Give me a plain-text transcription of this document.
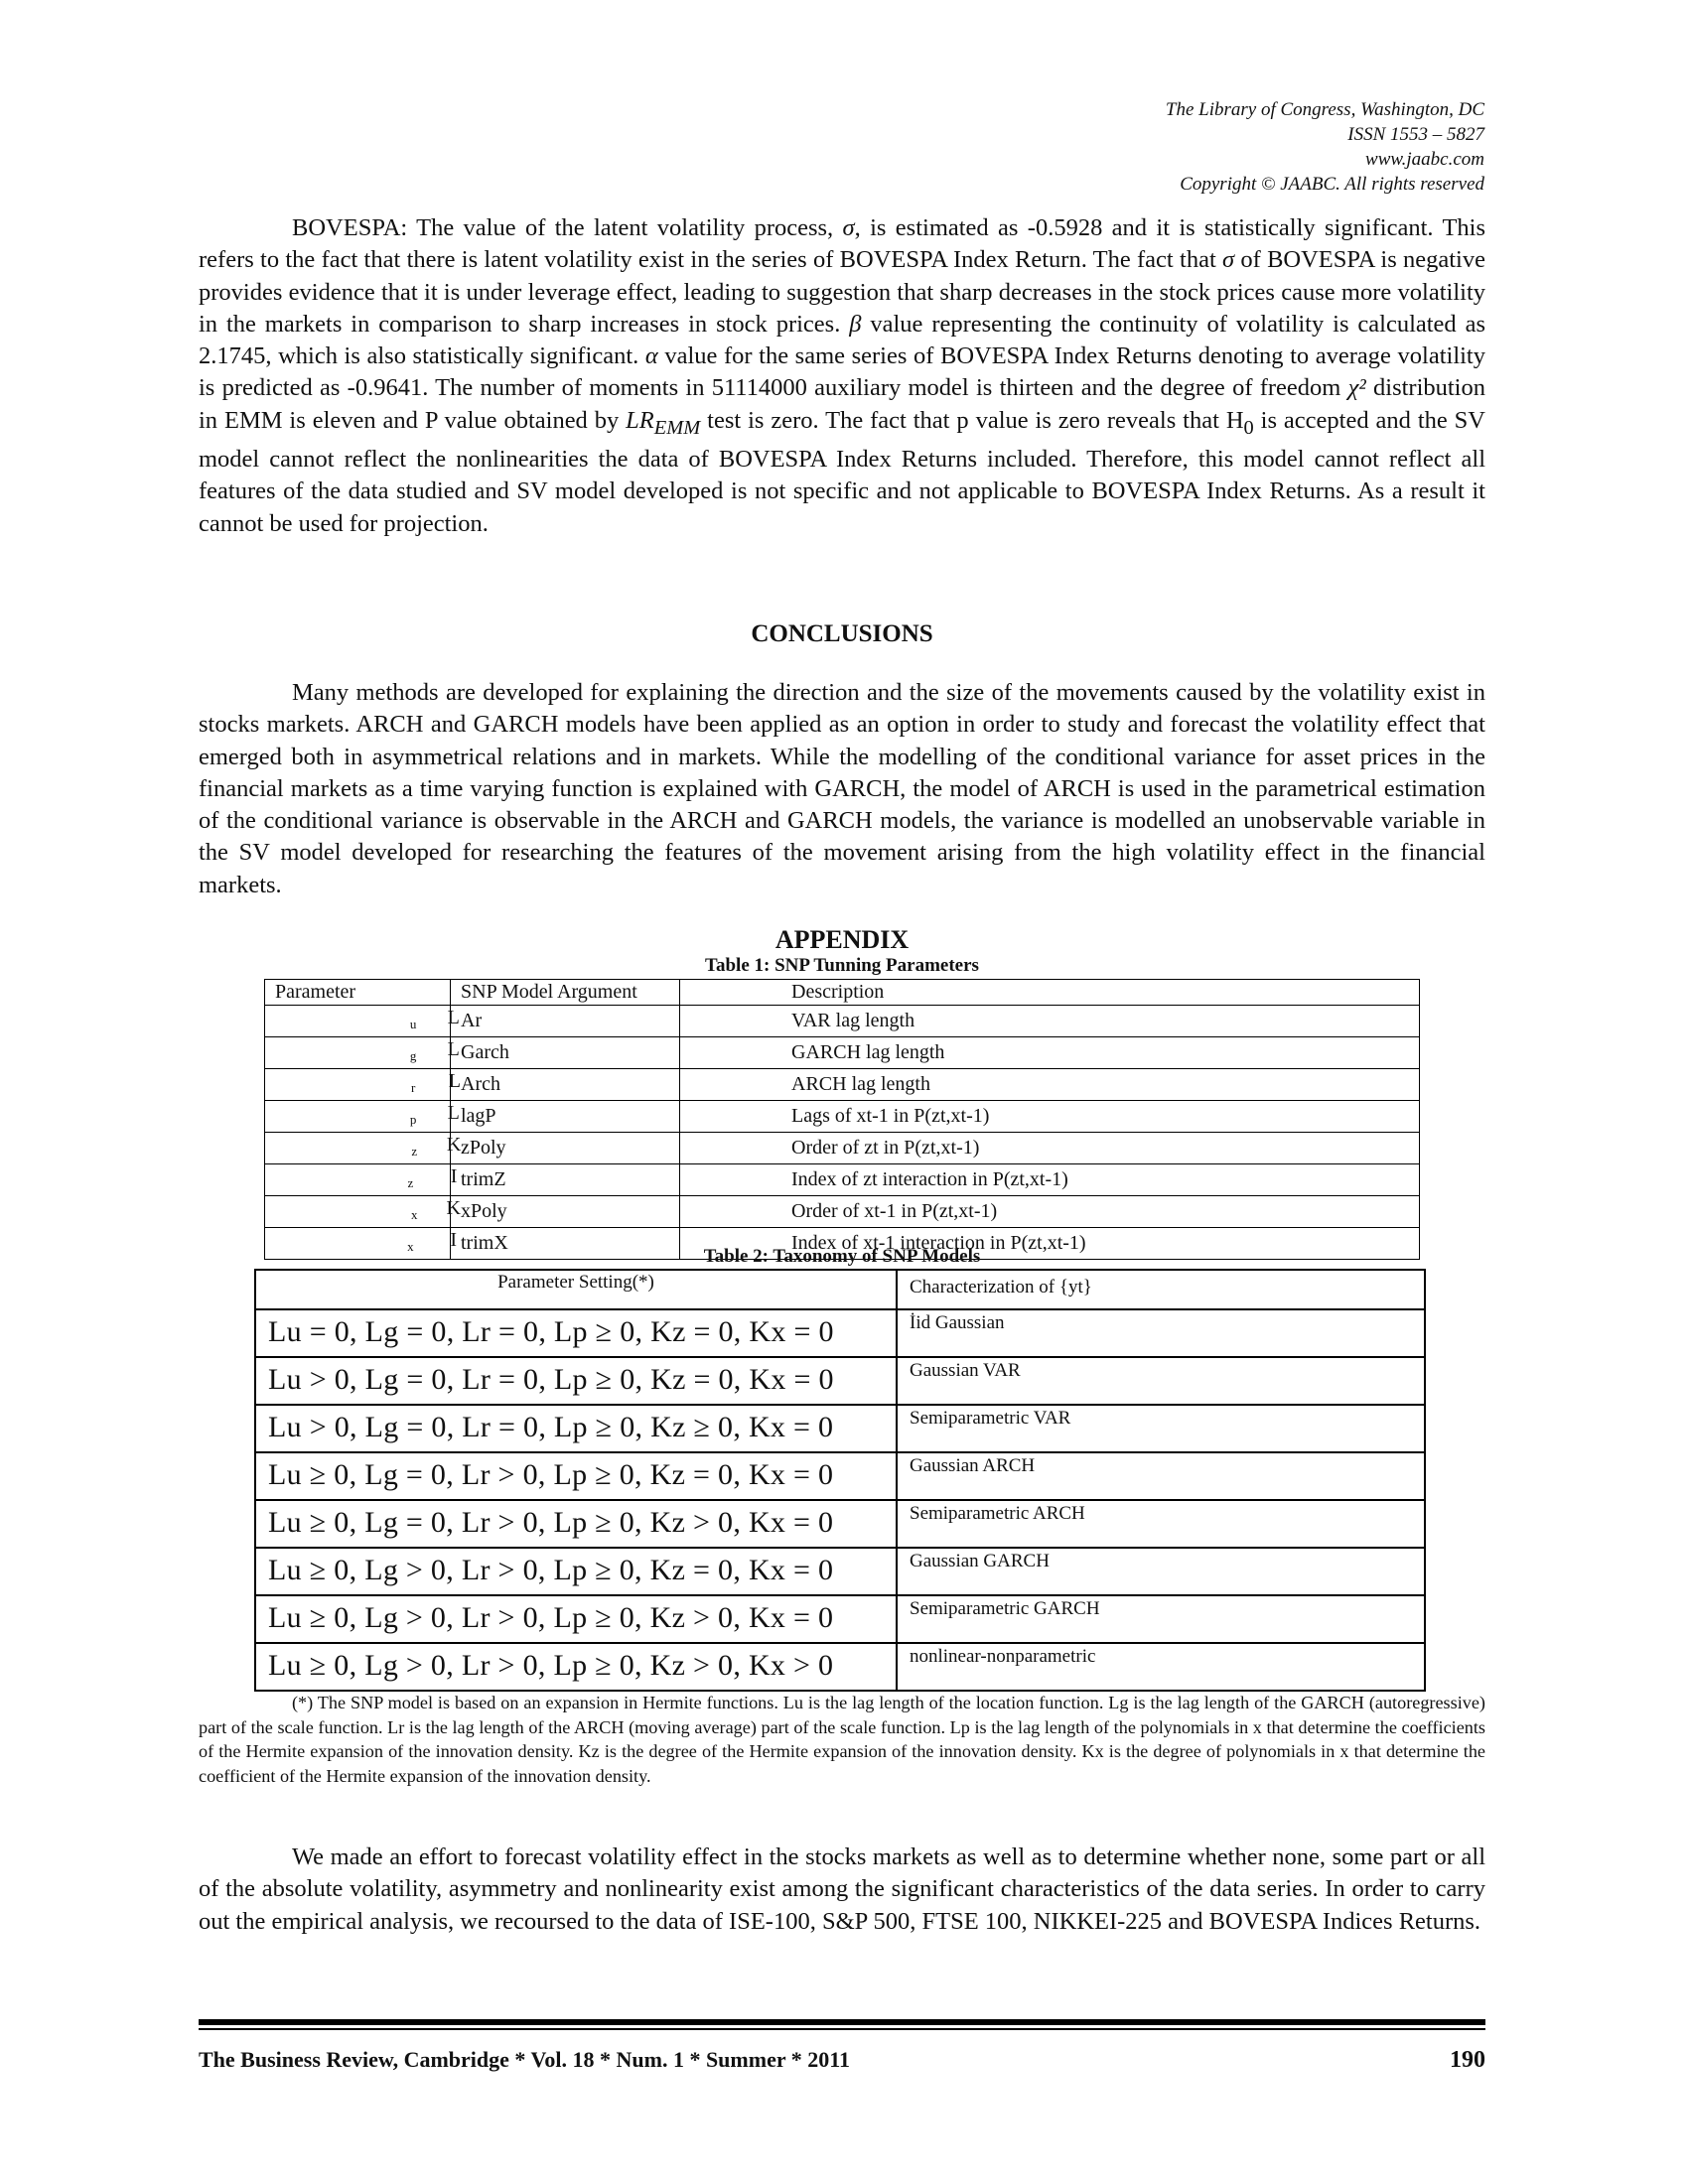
The Library of Congress, Washington, DC
ISSN 1553 – 5827
www.jaabc.com
Copyright © JAABC. All rights reserved

BOVESPA: The value of the latent volatility process, σ, is estimated as -0.5928 and it is statistically significant. This refers to the fact that there is latent volatility exist in the series of BOVESPA Index Return. The fact that σ of BOVESPA is negative provides evidence that it is under leverage effect, leading to suggestion that sharp decreases in the stock prices cause more volatility in the markets in comparison to sharp increases in stock prices. β value representing the continuity of volatility is calculated as 2.1745, which is also statistically significant. α value for the same series of BOVESPA Index Returns denoting to average volatility is predicted as -0.9641. The number of moments in 51114000 auxiliary model is thirteen and the degree of freedom χ² distribution in EMM is eleven and P value obtained by $LR_{EMM}$ test is zero. The fact that p value is zero reveals that $H_0$ is accepted and the SV model cannot reflect the nonlinearities the data of BOVESPA Index Returns included. Therefore, this model cannot reflect all features of the data studied and SV model developed is not specific and not applicable to BOVESPA Index Returns. As a result it cannot be used for projection.

CONCLUSIONS

Many methods are developed for explaining the direction and the size of the movements caused by the volatility exist in stocks markets. ARCH and GARCH models have been applied as an option in order to study and forecast the volatility effect that emerged both in asymmetrical relations and in markets. While the modelling of the conditional variance for asset prices in the financial markets as a time varying function is explained with GARCH, the model of ARCH is used in the parametrical estimation of the conditional variance is observable in the ARCH and GARCH models, the variance is modelled an unobservable variable in the SV model developed for researching the features of the movement arising from the high volatility effect in the financial markets.

APPENDIX
Table 1: SNP Tunning Parameters
Parameter	SNP Model Argument	Description
$L_u$	Ar	VAR lag length
$L_g$	Garch	GARCH lag length
$L_r$	Arch	ARCH lag length
$L_p$	lagP	Lags of xt-1 in P(zt,xt-1)
$K_z$	zPoly	Order of zt in P(zt,xt-1)
$I_z$	trimZ	Index of zt interaction in P(zt,xt-1)
$K_x$	xPoly	Order of xt-1 in P(zt,xt-1)
$I_x$	trimX	Index of xt-1 interaction in P(zt,xt-1)
Table 2: Taxonomy of SNP Models
Parameter Setting(*)	Characterization of {yt}
Lu = 0, Lg = 0, Lr = 0, Lp ≥ 0, Kz = 0, Kx = 0	İid Gaussian
Lu > 0, Lg = 0, Lr = 0, Lp ≥ 0, Kz = 0, Kx = 0	Gaussian VAR
Lu > 0, Lg = 0, Lr = 0, Lp ≥ 0, Kz ≥ 0, Kx = 0	Semiparametric VAR
Lu ≥ 0, Lg = 0, Lr > 0, Lp ≥ 0, Kz = 0, Kx = 0	Gaussian ARCH
Lu ≥ 0, Lg = 0, Lr > 0, Lp ≥ 0, Kz > 0, Kx = 0	Semiparametric ARCH
Lu ≥ 0, Lg > 0, Lr > 0, Lp ≥ 0, Kz = 0, Kx = 0	Gaussian GARCH
Lu ≥ 0, Lg > 0, Lr > 0, Lp ≥ 0, Kz > 0, Kx = 0	Semiparametric GARCH
Lu ≥ 0, Lg > 0, Lr > 0, Lp ≥ 0, Kz > 0, Kx > 0	nonlinear-nonparametric

(*) The SNP model is based on an expansion in Hermite functions. Lu is the lag length of the location function. Lg is the lag length of the GARCH (autoregressive) part of the scale function. Lr is the lag length of the ARCH (moving average) part of the scale function. Lp is the lag length of the polynomials in x that determine the coefficients of the Hermite expansion of the innovation density. Kz is the degree of the Hermite expansion of the innovation density. Kx is the degree of polynomials in x that determine the coefficient of the Hermite expansion of the innovation density.

We made an effort to forecast volatility effect in the stocks markets as well as to determine whether none, some part or all of the absolute volatility, asymmetry and nonlinearity exist among the significant characteristics of the data series. In order to carry out the empirical analysis, we recoursed to the data of ISE-100, S&P 500, FTSE 100, NIKKEI-225 and BOVESPA Indices Returns.

The Business Review, Cambridge * Vol. 18 * Num. 1 * Summer * 2011	190
